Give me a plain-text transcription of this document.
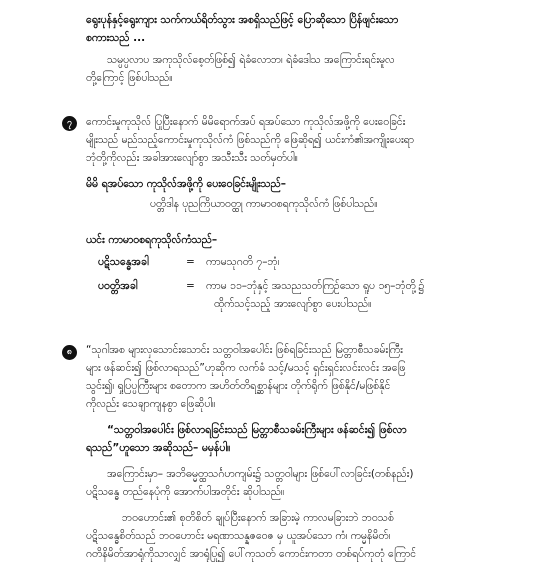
ရွေးပုန်နှင့်ရွေးကျား သက်ကယ်ရိတ်သွား အစရှိသည်ဖြင့် ပြောဆိုသော ပြိန်ဖျင်းသော
စကားသည် ...
သမ္ပပ္ပလာပ အကုသိုလ်စေ့တ်ဖြစ်၍ ရဲခံလောဘ၊ ရဲခံဒေါသ အကြောင်းရင်းမူလ
တို့ကြောင့် ဖြစ်ပါသည်။
၇	ကောင်းမှုကုသိုလ် ပြုပြီးနောက် မိမိရောက်အပ် ရအပ်သော ကုသိုလ်အဖို့ကို ပေးဝေခြင်း
မျိုးသည် မည်သည့်ကောင်းမှုကုသိုလ်ကံ ဖြစ်သည်ကို ဖြေဆိုရ၍ ယင်းကံ၏အကျိုးပေးရာ
ဘုံတို့ကိုလည်း အခါအားလျော်စွာ အသီးသီး သတ်မှတ်ပါ။
မိမိ ရအပ်သော ကုသိုလ်အဖို့ကို ပေးဝေခြင်းမျိုးသည်–
ပတ္တိဒါန ပုညကြိယာဝတ္ထု ကာမာဝစရကုသိုလ်ကံ ဖြစ်ပါသည်။
ယင်း ကာမာဝစရကုသိုလ်ကံသည်–
ပဋိသန္ဓေအခါ	= ကာမသုဂတိ ၇–ဘုံ၊
ပဝတ္တိအခါ	= ကာမ ၁၁–ဘုံနှင့် အသညသတ်ကြဉ်သော ရူပ ၁၅–ဘုံတို့၌
ထိုက်သင့်သည့် အားလျော်စွာ ပေးပါသည်။
၈	“သုဂါအစ များလှသောင်းသောင်း သတ္တဝါအပေါင်း ဖြစ်ရခြင်းသည် မြတ္တာစီသခမ်းကြီး
များ ဖန်ဆင်း၍ ဖြစ်လာရသည်”ဟုဆိုက လက်ခံ သင့်/မသင့် ရှင်းရှင်းလင်းလင်း အဖြေ
သွင်း၍၊ ရှုပြပ္ပကြီးများ စတောက အဟိတ်တိရစ္ဆာန်များ တိုက်ရိုက် ဖြစ်နိုင်/မဖြစ်နိုင်
ကိုလည်း သေချာကျနစွာ ဖြေဆိုပါ။
“သတ္တဝါအပေါင်း ဖြစ်လာရခြင်းသည် မြတ္တာစီသခမ်းကြီးများ ဖန်ဆင်း၍ ဖြစ်လာ
ရသည်”ဟူသော အဆိုသည်– မမှန်ပါ။
အကြောင်းမှာ– အဘိဓမ္မတ္ထသင်္ဂဟကျမ်း၌ သတ္တဝါများ ဖြစ်ပေါ်လာခြင်း(တစ်နည်း)
ပဋိသန္ဓေ တည်နေပုံကို အောက်ပါအတိုင်း ဆိုပါသည်။
ဘဝဟောင်း၏ စုတိစိတ် ချုပ်ပြီးနောက် အခြားမဲ့ ကာလမခြားဘဲ ဘဝသစ်
ပဋိသန္ဓေစိတ်သည် ဘဝဟောင်း မရဏာသန္နဇဝေဇ မှ ယူအပ်သော ကံ၊ ကမ္မနိမိတ်၊
ဂတိနိမိတ်အာရုံကိုသာလျှင် အာရုံပြု၍ ပေါ်ကုသတ် ကောင်းကတာ တစ်ရပ်ကုတုံ ကြောင်
